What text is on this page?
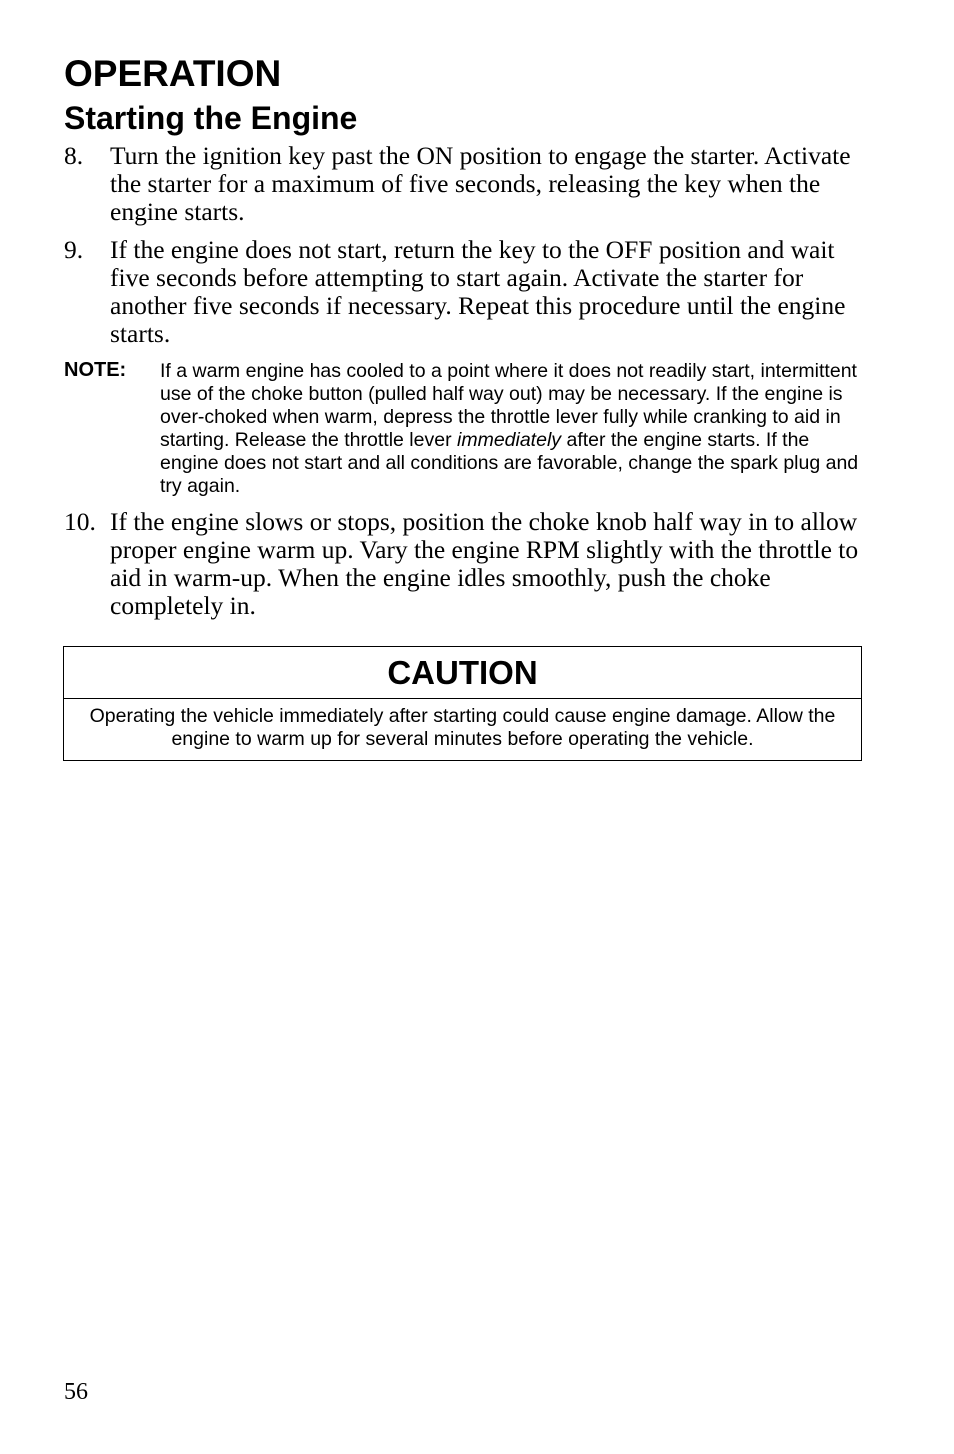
OPERATION
Starting the Engine
8. Turn the ignition key past the ON position to engage the starter. Activate the starter for a maximum of five seconds, releasing the key when the engine starts.
9. If the engine does not start, return the key to the OFF position and wait five seconds before attempting to start again. Activate the starter for another five seconds if necessary. Repeat this procedure until the engine starts.
NOTE: If a warm engine has cooled to a point where it does not readily start, intermittent use of the choke button (pulled half way out) may be necessary. If the engine is over-choked when warm, depress the throttle lever fully while cranking to aid in starting. Release the throttle lever immediately after the engine starts. If the engine does not start and all conditions are favorable, change the spark plug and try again.
10. If the engine slows or stops, position the choke knob half way in to allow proper engine warm up. Vary the engine RPM slightly with the throttle to aid in warm-up. When the engine idles smoothly, push the choke completely in.
CAUTION
Operating the vehicle immediately after starting could cause engine damage. Allow the engine to warm up for several minutes before operating the vehicle.
56
